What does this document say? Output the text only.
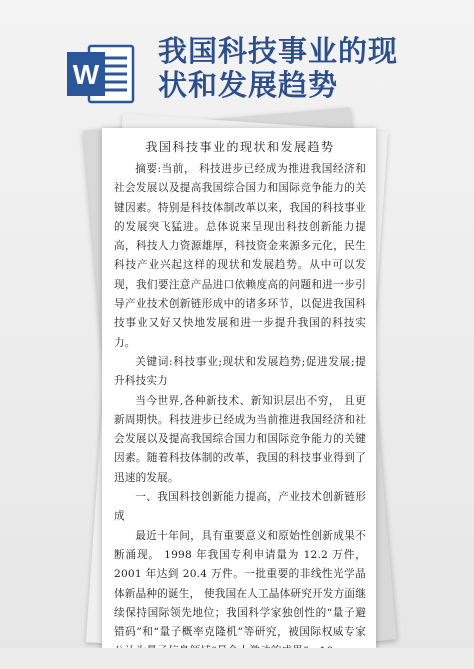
W
我国科技事业的现
状和发展趋势
我国科技事业的现状和发展趋势

摘要:当前， 科技进步已经成为推进我国经济和社会发展以及提高我国综合国力和国际竞争能力的关键因素。特别是科技体制改革以来，我国的科技事业的发展突飞猛进。总体说来呈现出科技创新能力提高，科技人力资源雄厚，科技资金来源多元化，民生科技产业兴起这样的现状和发展趋势。从中可以发现，我们要注意产品进口依赖度高的问题和进一步引导产业技术创新链形成中的诸多环节，以促进我国科技事业又好又快地发展和进一步提升我国的科技实力。

关键词:科技事业;现状和发展趋势;促进发展;提升科技实力

当今世界,各种新技术、新知识层出不穷， 且更新周期快。科技进步已经成为当前推进我国经济和社会发展以及提高我国综合国力和国际竞争能力的关键因素。随着科技体制的改革，我国的科技事业得到了迅速的发展。

一、我国科技创新能力提高，产业技术创新链形成

最近十年间，具有重要意义和原始性创新成果不断涌现。 1998 年我国专利申请量为 12.2 万件，2001 年达到 20.4 万件。一批重要的非线性光学晶体新晶种的诞生， 使我国在人工晶体研究开发方面继续保持国际领先地位；我国科学家独创性的“量子避错码”和“量子概率克隆机”等研究，被国际权威专家
